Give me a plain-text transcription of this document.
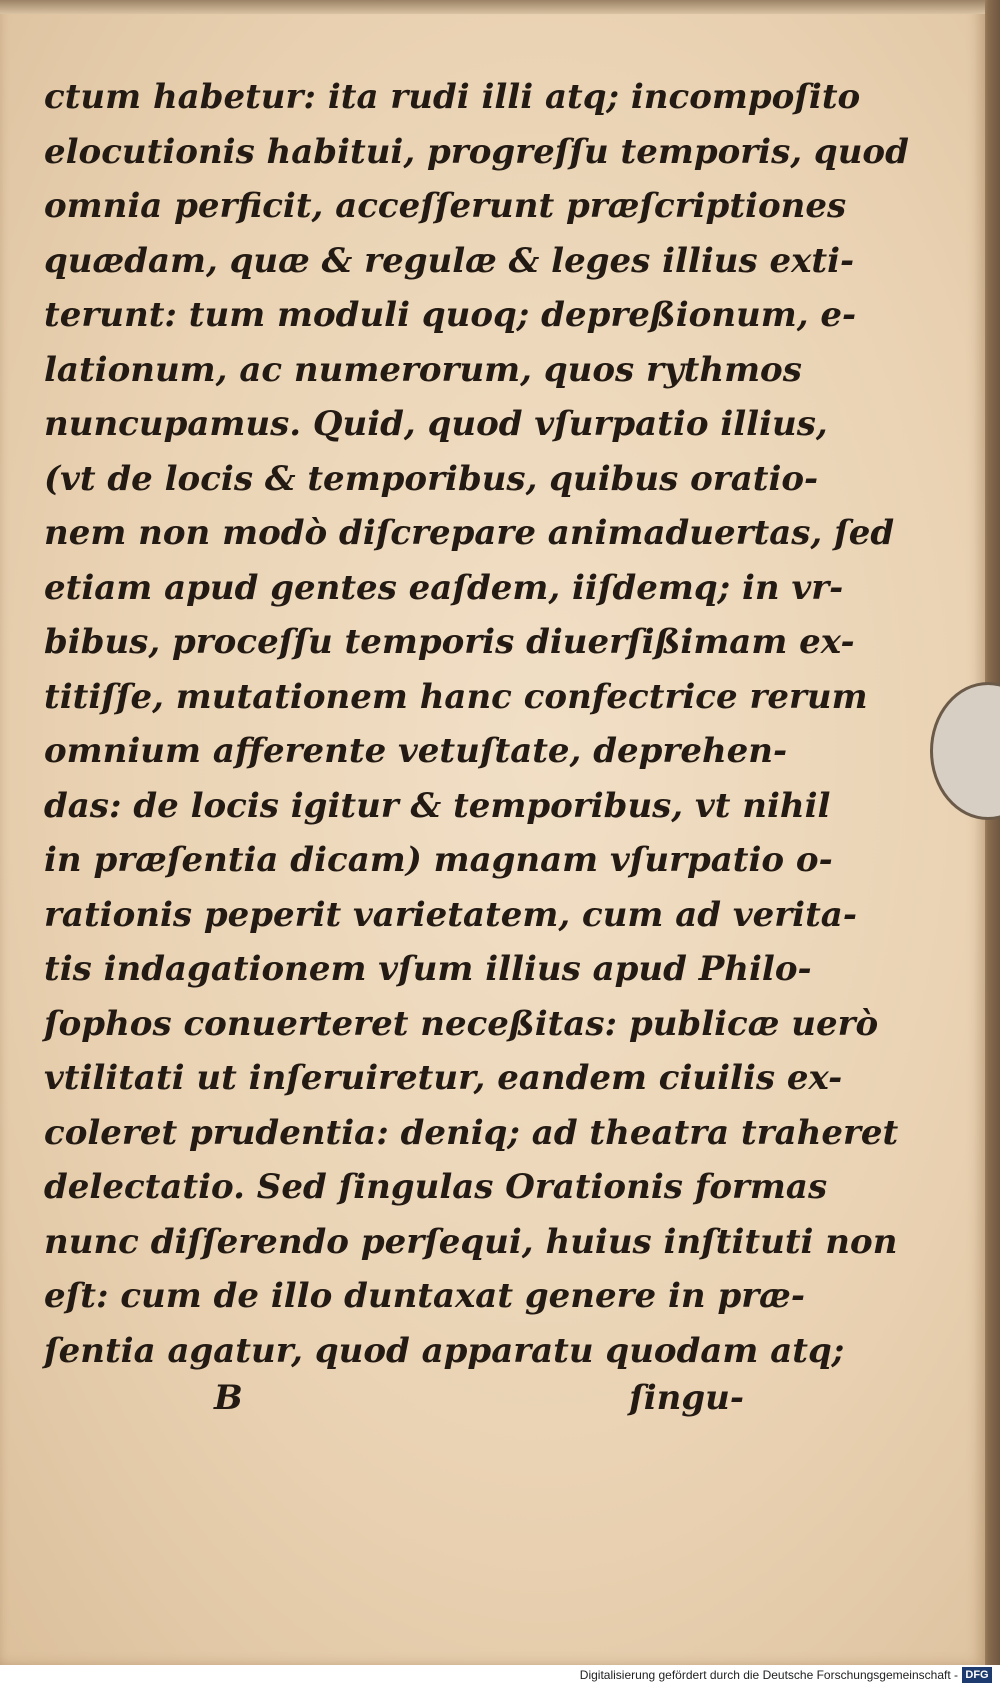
ctum habetur: ita rudi illi atq; incompoſito
elocutionis habitui, progreſſu temporis, quod
omnia perficit, acceſſerunt præſcriptiones
quædam, quæ & regulæ & leges illius exti-
terunt: tum moduli quoq; depreßionum, e-
lationum, ac numerorum, quos rythmos
nuncupamus. Quid, quod vſurpatio illius,
(vt de locis & temporibus, quibus oratio-
nem non modò diſcrepare animaduertas, ſed
etiam apud gentes eaſdem, iiſdemq; in vr-
bibus, proceſſu temporis diuerſißimam ex-
titiſſe, mutationem hanc confectrice rerum
omnium afferente vetuſtate, deprehen-
das: de locis igitur & temporibus, vt nihil
in præſentia dicam) magnam vſurpatio o-
rationis peperit varietatem, cum ad verita-
tis indagationem vſum illius apud Philo-
ſophos conuerteret neceßitas: publicæ uerò
vtilitati ut inſeruiretur, eandem ciuilis ex-
coleret prudentia: deniq; ad theatra traheret
delectatio. Sed ſingulas Orationis formas
nunc diſſerendo perſequi, huius inſtituti non
eſt: cum de illo duntaxat genere in præ-
ſentia agatur, quod apparatu quodam atq;
B	ſingu-
Digitalisierung gefördert durch die Deutsche Forschungsgemeinschaft - DFG
